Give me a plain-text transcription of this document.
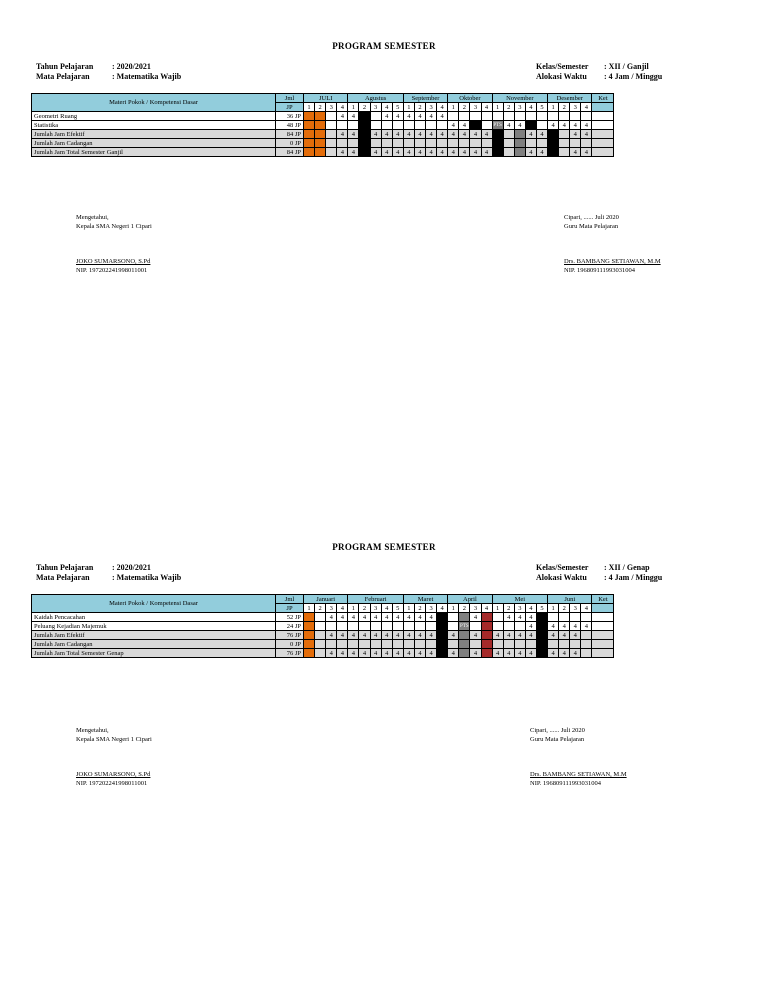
PROGRAM SEMESTER
Tahun Pelajaran : 2020/2021
Mata Pelajaran	: Matematika Wajib
Kelas/Semester : XII / Ganjil
Alokasi Waktu : 4 Jam / Minggu
Materi Pokok / Kompetensi Dasar	Jml	JULI				Agustus					September				Oktober				November					Desember				Ket
	JP	1	2	3	4	1	2	3	4	5	1	2	3	4	1	2	3	4	1	2	3	4	5	1	2	3	4	
Geometri Ruang	36 JP				4	4			4	4	4	4	4	4														
Statistika	48 JP														4	4			PTS	4	4			4	4	4	4	
Jumlah Jam Efektif	84 JP				4	4		4	4	4	4	4	4	4	4	4	4	4				4	4			4	4	
Jumlah Jam Cadangan	0 JP																											
Jumlah Jam Total Semester Ganjil	84 JP				4	4		4	4	4	4	4	4	4	4	4	4	4				4	4			4	4	
Mengetahui,
Kepala SMA Negeri 1 Cipari
JOKO SUMARSONO, S.Pd
NIP. 197202241998011001
Cipari, ...... Juli 2020
Guru Mata Pelajaran
Drs. BAMBANG SETIAWAN, M.M
NIP. 196809111993031004
PROGRAM SEMESTER
Tahun Pelajaran : 2020/2021
Mata Pelajaran	: Matematika Wajib
Kelas/Semester : XII / Genap
Alokasi Waktu : 4 Jam / Minggu
Materi Pokok / Kompetensi Dasar	Jml	Januari				Februari					Maret				April				Mei					Juni				Ket
	JP	1	2	3	4	1	2	3	4	5	1	2	3	4	1	2	3	4	1	2	3	4	5	1	2	3	4	
Kaidah Pencacahan	52 JP			4	4	4	4	4	4	4	4	4	4				4			4	4	4						
Peluang Kejadian Majemuk	24 JP															PTS						4		4	4	4	4	
Jumlah Jam Efektif	76 JP			4	4	4	4	4	4	4	4	4	4		4		4		4	4	4	4		4	4	4		
Jumlah Jam Cadangan	0 JP																											
Jumlah Jam Total Semester Genap	76 JP			4	4	4	4	4	4	4	4	4	4		4		4		4	4	4	4		4	4	4		
Mengetahui,
Kepala SMA Negeri 1 Cipari
JOKO SUMARSONO, S.Pd
NIP. 197202241998011001
Cipari, ...... Juli 2020
Guru Mata Pelajaran
Drs. BAMBANG SETIAWAN, M.M
NIP. 196809111993031004
